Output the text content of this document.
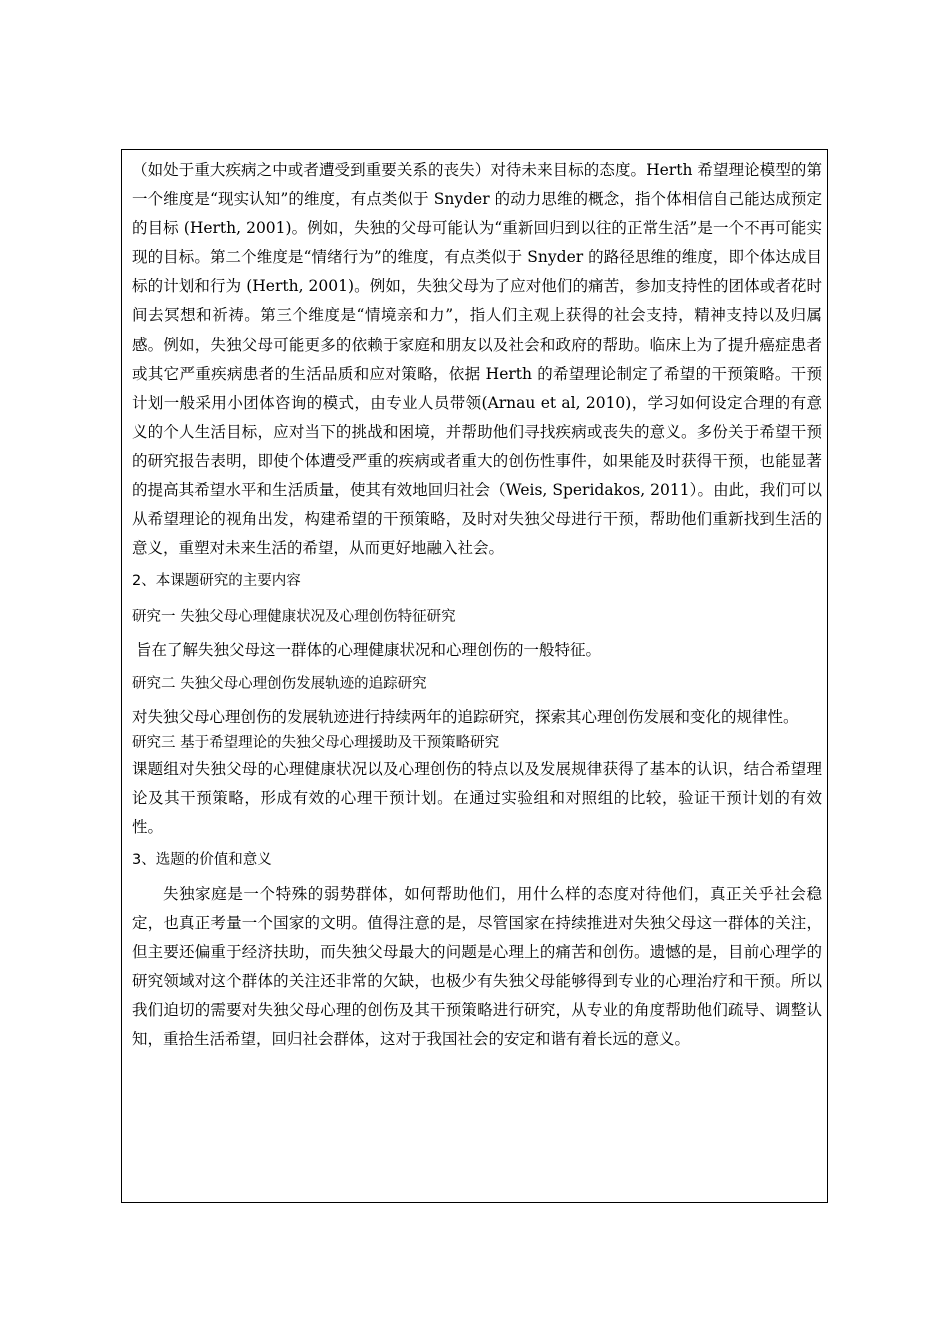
（如处于重大疾病之中或者遭受到重要关系的丧失）对待未来目标的态度。Herth 希望理论模型的第一个维度是“现实认知”的维度，有点类似于 Snyder 的动力思维的概念，指个体相信自己能达成预定的目标 (Herth, 2001)。例如，失独的父母可能认为“重新回归到以往的正常生活”是一个不再可能实现的目标。第二个维度是“情绪行为”的维度，有点类似于 Snyder 的路径思维的维度，即个体达成目标的计划和行为 (Herth, 2001)。例如，失独父母为了应对他们的痛苦，参加支持性的团体或者花时间去冥想和祈祷。第三个维度是“情境亲和力”，指人们主观上获得的社会支持，精神支持以及归属感。例如，失独父母可能更多的依赖于家庭和朋友以及社会和政府的帮助。临床上为了提升癌症患者或其它严重疾病患者的生活品质和应对策略，依据 Herth 的希望理论制定了希望的干预策略。干预计划一般采用小团体咨询的模式，由专业人员带领(Arnau et al, 2010)，学习如何设定合理的有意义的个人生活目标，应对当下的挑战和困境，并帮助他们寻找疾病或丧失的意义。多份关于希望干预的研究报告表明，即使个体遭受严重的疾病或者重大的创伤性事件，如果能及时获得干预，也能显著的提高其希望水平和生活质量，使其有效地回归社会（Weis, Speridakos, 2011）。由此，我们可以从希望理论的视角出发，构建希望的干预策略，及时对失独父母进行干预，帮助他们重新找到生活的意义，重塑对未来生活的希望，从而更好地融入社会。

2、本课题研究的主要内容

研究一 失独父母心理健康状况及心理创伤特征研究

旨在了解失独父母这一群体的心理健康状况和心理创伤的一般特征。

研究二 失独父母心理创伤发展轨迹的追踪研究

对失独父母心理创伤的发展轨迹进行持续两年的追踪研究，探索其心理创伤发展和变化的规律性。

研究三 基于希望理论的失独父母心理援助及干预策略研究

课题组对失独父母的心理健康状况以及心理创伤的特点以及发展规律获得了基本的认识，结合希望理论及其干预策略，形成有效的心理干预计划。在通过实验组和对照组的比较，验证干预计划的有效性。

3、选题的价值和意义

失独家庭是一个特殊的弱势群体，如何帮助他们，用什么样的态度对待他们，真正关乎社会稳定，也真正考量一个国家的文明。值得注意的是，尽管国家在持续推进对失独父母这一群体的关注，但主要还偏重于经济扶助，而失独父母最大的问题是心理上的痛苦和创伤。遗憾的是，目前心理学的研究领域对这个群体的关注还非常的欠缺，也极少有失独父母能够得到专业的心理治疗和干预。所以我们迫切的需要对失独父母心理的创伤及其干预策略进行研究，从专业的角度帮助他们疏导、调整认知，重拾生活希望，回归社会群体，这对于我国社会的安定和谐有着长远的意义。
